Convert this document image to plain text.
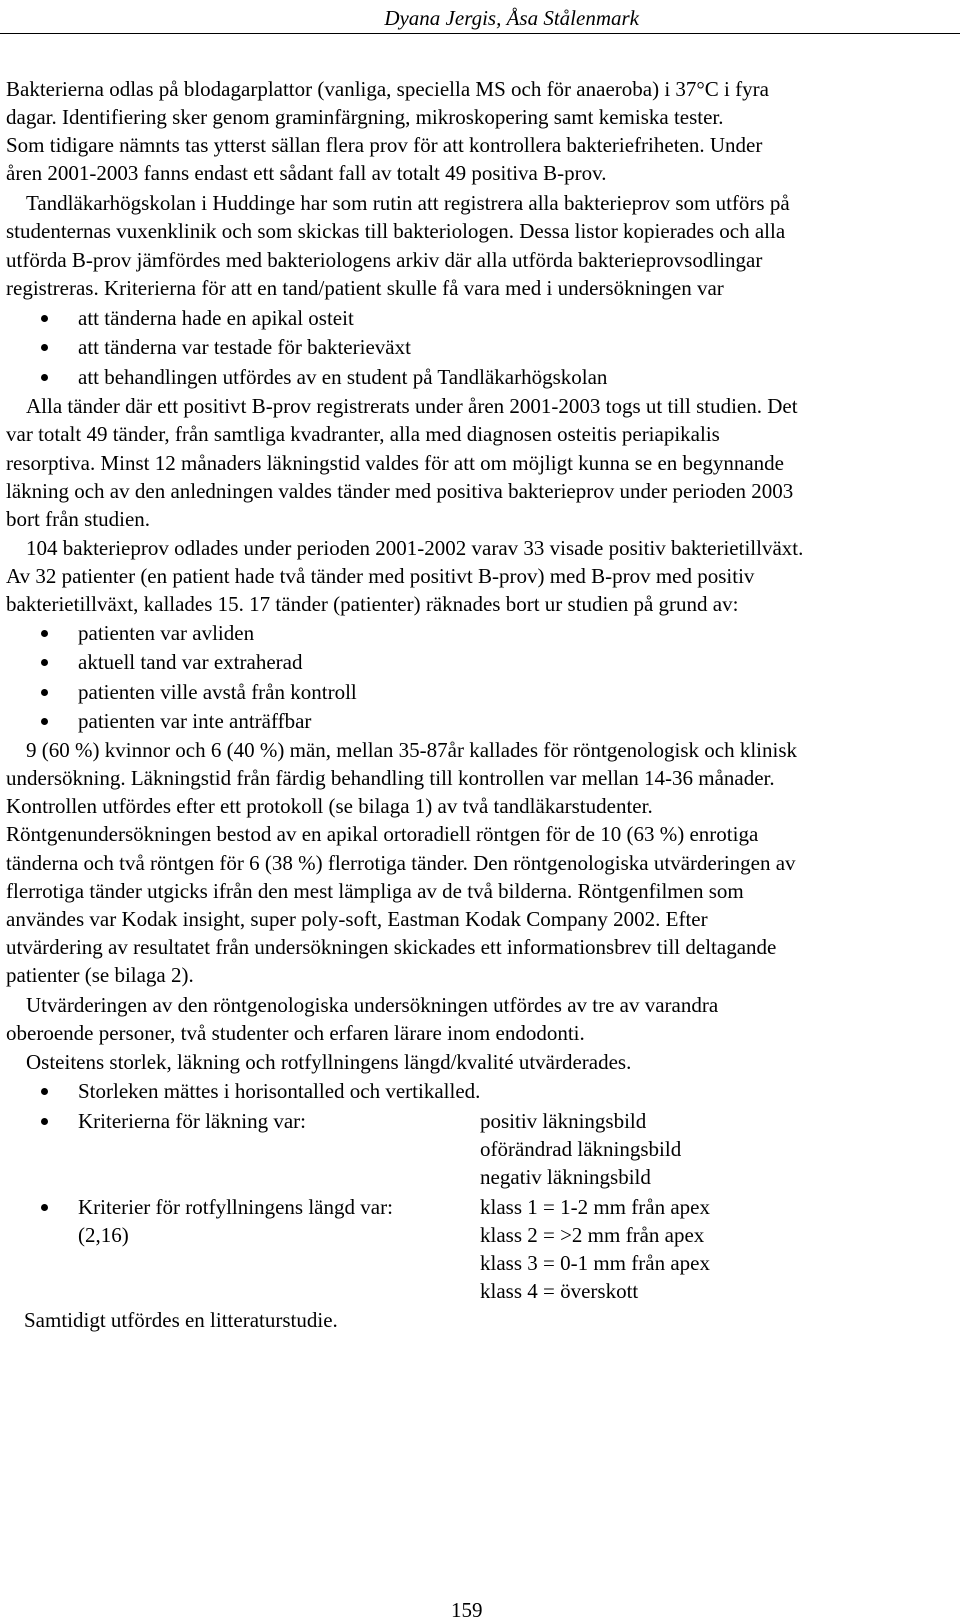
Dyana Jergis, Åsa Stålenmark
Bakterierna odlas på blodagarplattor (vanliga, speciella MS och för anaeroba) i 37°C i fyra
dagar. Identifiering sker genom graminfärgning, mikroskopering samt kemiska tester.
Som tidigare nämnts tas ytterst sällan flera prov för att kontrollera bakteriefriheten. Under
åren 2001-2003 fanns endast ett sådant fall av totalt 49 positiva B-prov.
Tandläkarhögskolan i Huddinge har som rutin att registrera alla bakterieprov som utförs på
studenternas vuxenklinik och som skickas till bakteriologen. Dessa listor kopierades och alla
utförda B-prov jämfördes med bakteriologens arkiv där alla utförda bakterieprovsodlingar
registreras. Kriterierna för att en tand/patient skulle få vara med i undersökningen var
att tänderna hade en apikal osteit
att tänderna var testade för bakterieväxt
att behandlingen utfördes av en student på Tandläkarhögskolan
Alla tänder där ett positivt B-prov registrerats under åren 2001-2003 togs ut till studien. Det
var totalt 49 tänder, från samtliga kvadranter, alla med diagnosen osteitis periapikalis
resorptiva. Minst 12 månaders läkningstid valdes för att om möjligt kunna se en begynnande
läkning och av den anledningen valdes tänder med positiva bakterieprov under perioden 2003
bort från studien.
104 bakterieprov odlades under perioden 2001-2002 varav 33 visade positiv bakterietillväxt.
Av 32 patienter (en patient hade två tänder med positivt B-prov) med B-prov med positiv
bakterietillväxt, kallades 15. 17 tänder (patienter) räknades bort ur studien på grund av:
patienten var avliden
aktuell tand var extraherad
patienten ville avstå från kontroll
patienten var inte anträffbar
9 (60 %) kvinnor och 6 (40 %) män, mellan 35-87år kallades för röntgenologisk och klinisk
undersökning. Läkningstid från färdig behandling till kontrollen var mellan 14-36 månader.
Kontrollen utfördes efter ett protokoll (se bilaga 1) av två tandläkarstudenter.
Röntgenundersökningen bestod av en apikal ortoradiell röntgen för de 10 (63 %) enrotiga
tänderna och två röntgen för 6 (38 %) flerrotiga tänder. Den röntgenologiska utvärderingen av
flerrotiga tänder utgicks ifrån den mest lämpliga av de två bilderna. Röntgenfilmen som
användes var Kodak insight, super poly-soft, Eastman Kodak Company 2002. Efter
utvärdering av resultatet från undersökningen skickades ett informationsbrev till deltagande
patienter (se bilaga 2).
Utvärderingen av den röntgenologiska undersökningen utfördes av tre av varandra
oberoende personer, två studenter och erfaren lärare inom endodonti.
Osteitens storlek, läkning och rotfyllningens längd/kvalité utvärderades.
Storleken mättes i horisontalled och vertikalled.
Kriterierna för läkning var:	positiv läkningsbild
oförändrad läkningsbild
negativ läkningsbild
Kriterier för rotfyllningens längd var:
(2,16)
klass 1 = 1-2 mm från apex
klass 2 = >2 mm från apex
klass 3 = 0-1 mm från apex
klass 4 = överskott
Samtidigt utfördes en litteraturstudie.
159
